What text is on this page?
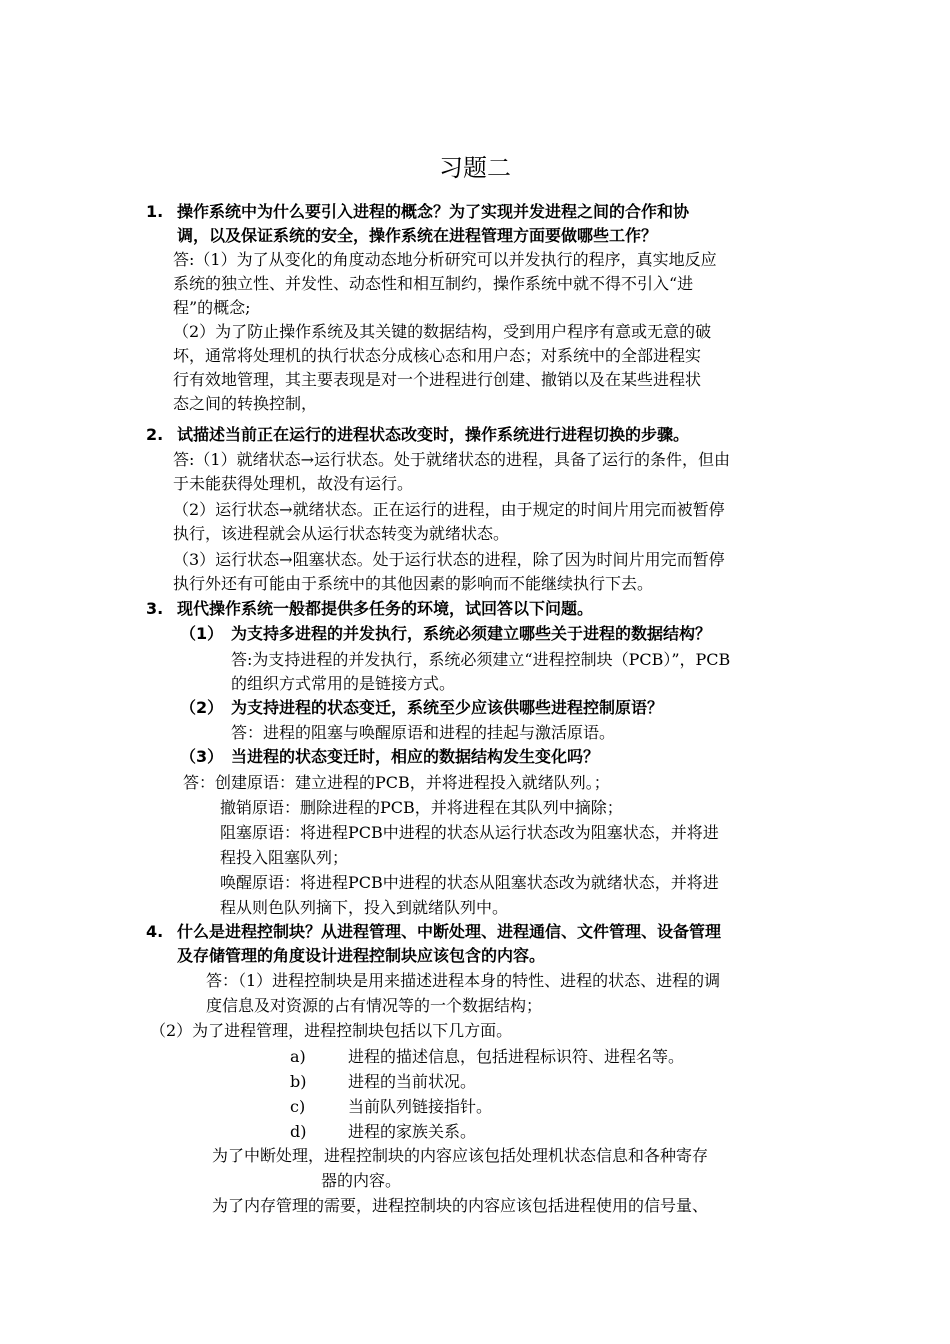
习题二
1. 操作系统中为什么要引入进程的概念？为了实现并发进程之间的合作和协
调，以及保证系统的安全，操作系统在进程管理方面要做哪些工作？
答:（1）为了从变化的角度动态地分析研究可以并发执行的程序，真实地反应
系统的独立性、并发性、动态性和相互制约，操作系统中就不得不引入“进
程”的概念;
（2）为了防止操作系统及其关键的数据结构，受到用户程序有意或无意的破
坏，通常将处理机的执行状态分成核心态和用户态；对系统中的全部进程实
行有效地管理，其主要表现是对一个进程进行创建、撤销以及在某些进程状
态之间的转换控制，
2. 试描述当前正在运行的进程状态改变时，操作系统进行进程切换的步骤。
答:（1）就绪状态→运行状态。处于就绪状态的进程，具备了运行的条件，但由
于未能获得处理机，故没有运行。
（2）运行状态→就绪状态。正在运行的进程，由于规定的时间片用完而被暂停
执行，该进程就会从运行状态转变为就绪状态。
（3）运行状态→阻塞状态。处于运行状态的进程，除了因为时间片用完而暂停
执行外还有可能由于系统中的其他因素的影响而不能继续执行下去。
3. 现代操作系统一般都提供多任务的环境，试回答以下问题。
（1） 为支持多进程的并发执行，系统必须建立哪些关于进程的数据结构？
答:为支持进程的并发执行，系统必须建立“进程控制块（PCB）”，PCB
的组织方式常用的是链接方式。
（2） 为支持进程的状态变迁，系统至少应该供哪些进程控制原语？
答：进程的阻塞与唤醒原语和进程的挂起与激活原语。
（3） 当进程的状态变迁时，相应的数据结构发生变化吗？
答：创建原语：建立进程的PCB，并将进程投入就绪队列。；
撤销原语：删除进程的PCB，并将进程在其队列中摘除；
阻塞原语：将进程PCB中进程的状态从运行状态改为阻塞状态，并将进
程投入阻塞队列；
唤醒原语：将进程PCB中进程的状态从阻塞状态改为就绪状态，并将进
程从则色队列摘下，投入到就绪队列中。
4. 什么是进程控制块？从进程管理、中断处理、进程通信、文件管理、设备管理
及存储管理的角度设计进程控制块应该包含的内容。
答：（1）进程控制块是用来描述进程本身的特性、进程的状态、进程的调
度信息及对资源的占有情况等的一个数据结构；
（2）为了进程管理，进程控制块包括以下几方面。
a)	进程的描述信息，包括进程标识符、进程名等。
b)	进程的当前状况。
c)	当前队列链接指针。
d)	进程的家族关系。
为了中断处理，进程控制块的内容应该包括处理机状态信息和各种寄存
器的内容。
为了内存管理的需要，进程控制块的内容应该包括进程使用的信号量、
